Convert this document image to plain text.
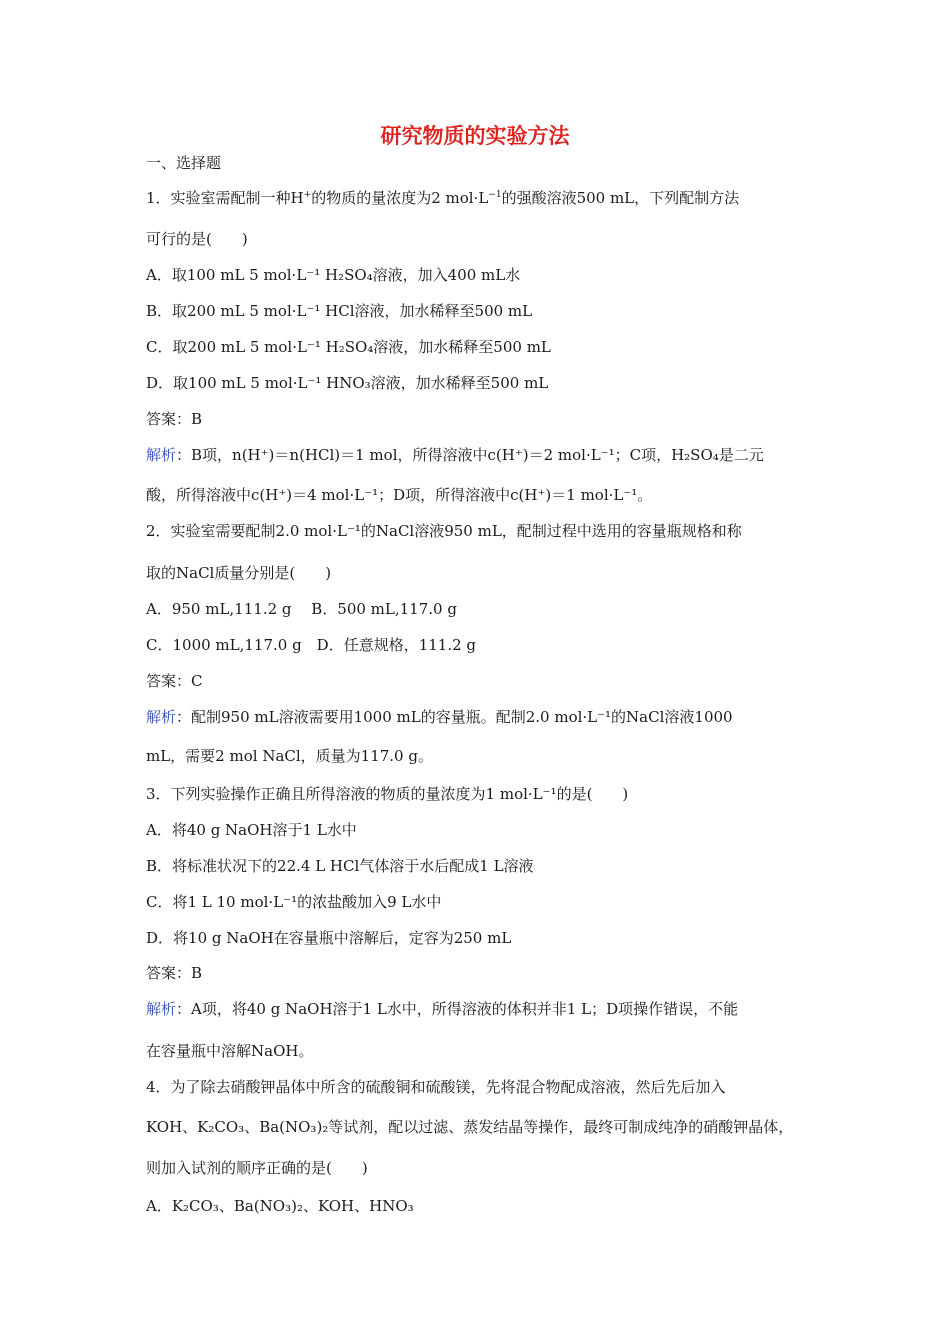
研究物质的实验方法
一、选择题
1．实验室需配制一种H+的物质的量浓度为2 $mol\cdot L^{-1}$的强酸溶液500 mL，下列配制方法
可行的是(　　)
A．取100 mL 5 mol·L⁻¹ H₂SO₄溶液，加入400 mL水
B．取200 mL 5 mol·L⁻¹ HCl溶液，加水稀释至500 mL
C．取200 mL 5 mol·L⁻¹ H₂SO₄溶液，加水稀释至500 mL
D．取100 mL 5 mol·L⁻¹ HNO₃溶液，加水稀释至500 mL
答案：B
解析：B项，n(H⁺)＝n(HCl)＝1 mol，所得溶液中c(H⁺)＝2 mol·L⁻¹；C项，H₂SO₄是二元
酸，所得溶液中c(H⁺)＝4 mol·L⁻¹；D项，所得溶液中c(H⁺)＝1 mol·L⁻¹。
2．实验室需要配制2.0 mol·L⁻¹的NaCl溶液950 mL，配制过程中选用的容量瓶规格和称
取的NaCl质量分别是(　　)
A．950 mL,111.2 g　 B．500 mL,117.0 g
C．1000 mL,117.0 g　D．任意规格，111.2 g
答案：C
解析：配制950 mL溶液需要用1000 mL的容量瓶。配制2.0 mol·L⁻¹的NaCl溶液1000
mL，需要2 mol NaCl，质量为117.0 g。
3．下列实验操作正确且所得溶液的物质的量浓度为1 mol·L⁻¹的是(　　)
A．将40 g NaOH溶于1 L水中
B．将标准状况下的22.4 L HCl气体溶于水后配成1 L溶液
C．将1 L 10 mol·L⁻¹的浓盐酸加入9 L水中
D．将10 g NaOH在容量瓶中溶解后，定容为250 mL
答案：B
解析：A项，将40 g NaOH溶于1 L水中，所得溶液的体积并非1 L；D项操作错误，不能
在容量瓶中溶解NaOH。
4．为了除去硝酸钾晶体中所含的硫酸铜和硫酸镁，先将混合物配成溶液，然后先后加入
KOH、K₂CO₃、Ba(NO₃)₂等试剂，配以过滤、蒸发结晶等操作，最终可制成纯净的硝酸钾晶体，
则加入试剂的顺序正确的是(　　)
A．K₂CO₃、Ba(NO₃)₂、KOH、HNO₃
